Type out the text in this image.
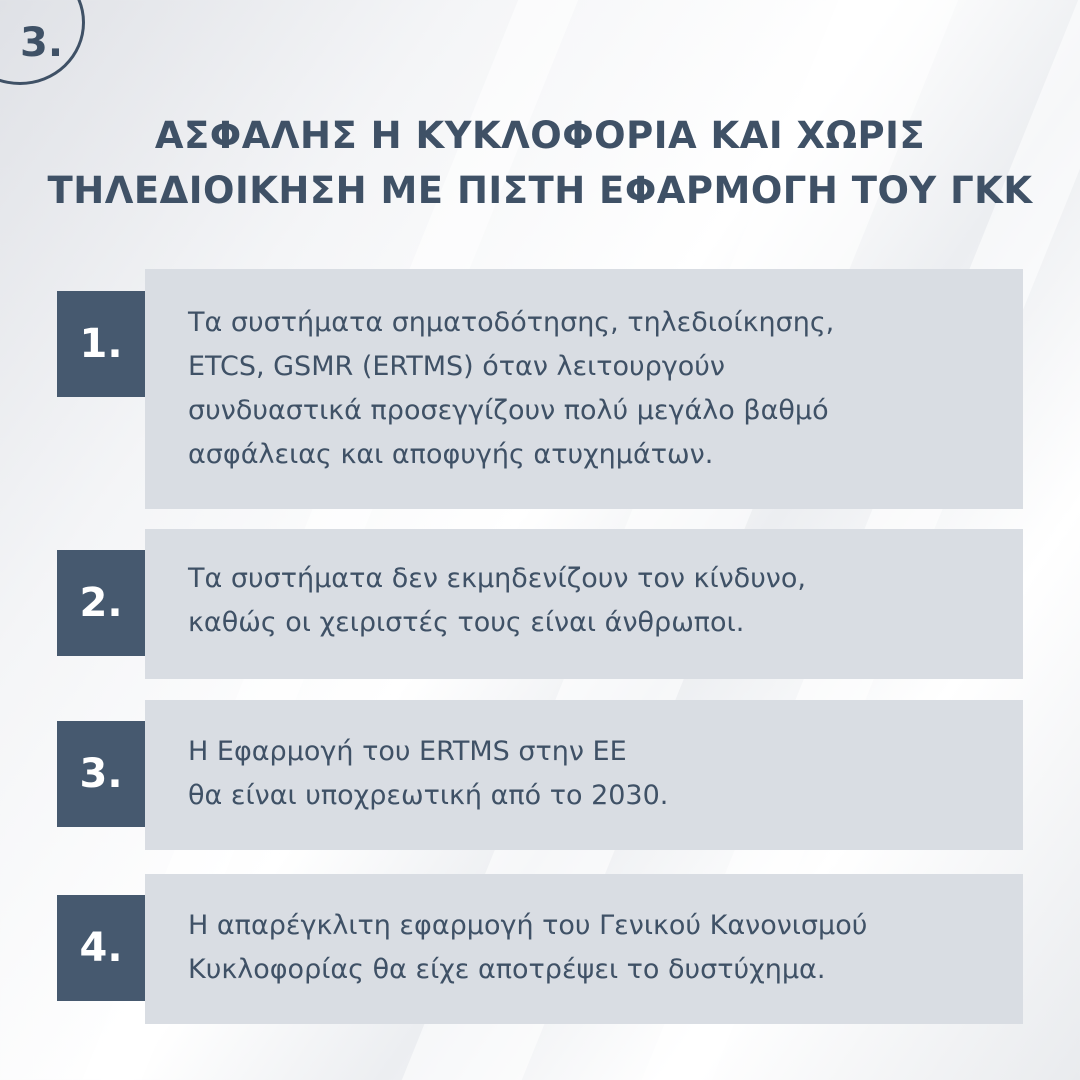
3.
ΑΣΦΑΛΗΣ Η ΚΥΚΛΟΦΟΡΙΑ ΚΑΙ ΧΩΡΙΣ
ΤΗΛΕΔΙΟΙΚΗΣΗ ΜΕ ΠΙΣΤΗ ΕΦΑΡΜΟΓΗ ΤΟΥ ΓΚΚ

Τα συστήματα σηματοδότησης, τηλεδιοίκησης,
ETCS, GSMR (ERTMS) όταν λειτουργούν
συνδυαστικά προσεγγίζουν πολύ μεγάλο βαθμό
ασφάλειας και αποφυγής ατυχημάτων.

1.

Τα συστήματα δεν εκμηδενίζουν τον κίνδυνο,
καθώς οι χειριστές τους είναι άνθρωποι.

2.

Η Εφαρμογή του ERTMS στην ΕΕ
θα είναι υποχρεωτική από το 2030.

3.

Η απαρέγκλιτη εφαρμογή του Γενικού Κανονισμού
Κυκλοφορίας θα είχε αποτρέψει το δυστύχημα.

4.
